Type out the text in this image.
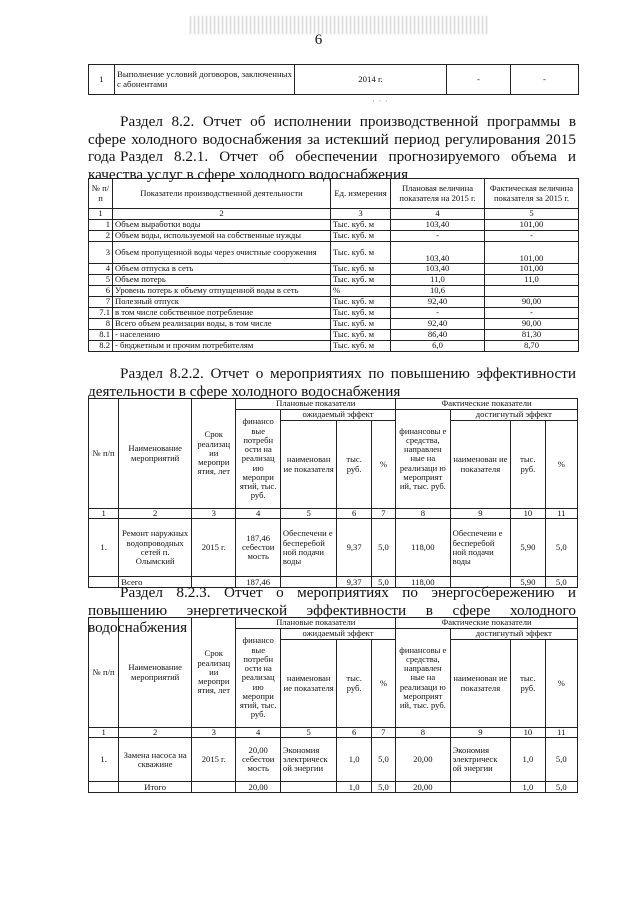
6
1	Выполнение условий договоров, заключенных с абонентами	2014 г.	-	-
· · ·

Раздел 8.2. Отчет об исполнении производственной программы в сфере холодного водоснабжения за истекший период регулирования 2015 года Раздел 8.2.1. Отчет об обеспечении прогнозируемого объема и качества услуг в сфере холодного водоснабжения

№ п/п	Показатели производственной деятельности	Ед. измерения	Плановая величина показателя на 2015 г.	Фактическая величина показателя за 2015 г.
1	2	3	4	5
1	Объем выработки воды	Тыс. куб. м	103,40	101,00
2	Объем воды, используемой на собственные нужды	Тыс. куб. м	-	-
3	Объем пропущенной воды через очистные сооружения	Тыс. куб. м	103,40	101,00
4	Объем отпуска в сеть	Тыс. куб. м	103,40	101,00
5	Объем потерь	Тыс. куб. м	11,0	11,0
6	Уровень потерь к объему отпущенной воды в сеть	%	10,6	
7	Полезный отпуск	Тыс. куб. м	92,40	90,00
7.1	в том числе собственное потребление	Тыс. куб. м	-	-
8	Всего объем реализации воды, в том числе	Тыс. куб. м	92,40	90,00
8.1	- населению	Тыс. куб. м	86,40	81,30
8.2	- бюджетным и прочим потребителям	Тыс. куб. м	6,0	8,70

Раздел 8.2.2. Отчет о мероприятиях по повышению эффективности деятельности в сфере холодного водоснабжения

№ п/п	Наименование мероприятий	Срок реализац ии меропри ятия, лет	Плановые показатели				Фактические показатели			
			финансо вые потребн ости на реализац ию меропри ятий, тыс. руб.	ожидаемый эффект			финансовы е средства, направлен ные на реализаци ю мероприят ий, тыс. руб.	достигнутый эффект		
				наименован ие показателя	тыс. руб.	%		наименован ие показателя	тыс. руб.	%
1	2	3	4	5	6	7	8	9	10	11
1.	Ремонт наружных водопроводных сетей п. Олымский	2015 г.	187,46 себестои мость	Обеспечени е бесперебой ной подачи воды	9,37	5,0	118,00	Обеспечени е бесперебой ной подачи воды	5,90	5,0
	Всего		187,46		9,37	5,0	118,00		5,90	5,0

Раздел 8.2.3. Отчет о мероприятиях по энергосбережению и повышению энергетической эффективности в сфере холодного водоснабжения

№ п/п	Наименование мероприятий	Срок реализац ии меропри ятия, лет	Плановые показатели				Фактические показатели			
			финансо вые потребн ости на реализац ию меропри ятий, тыс. руб.	ожидаемый эффект			финансовы е средства, направлен ные на реализаци ю мероприят ий, тыс. руб.	достигнутый эффект		
				наименован ие показателя	тыс. руб.	%		наименован ие показателя	тыс. руб.	%
1	2	3	4	5	6	7	8	9	10	11
1.	Замена насоса на скважине	2015 г.	20,00 себестои мость	Экономия электрическ ой энергии	1,0	5,0	20,00	Экономия электрическ ой энергии	1,0	5,0
	Итого		20,00		1,0	5,0	20,00		1,0	5,0
